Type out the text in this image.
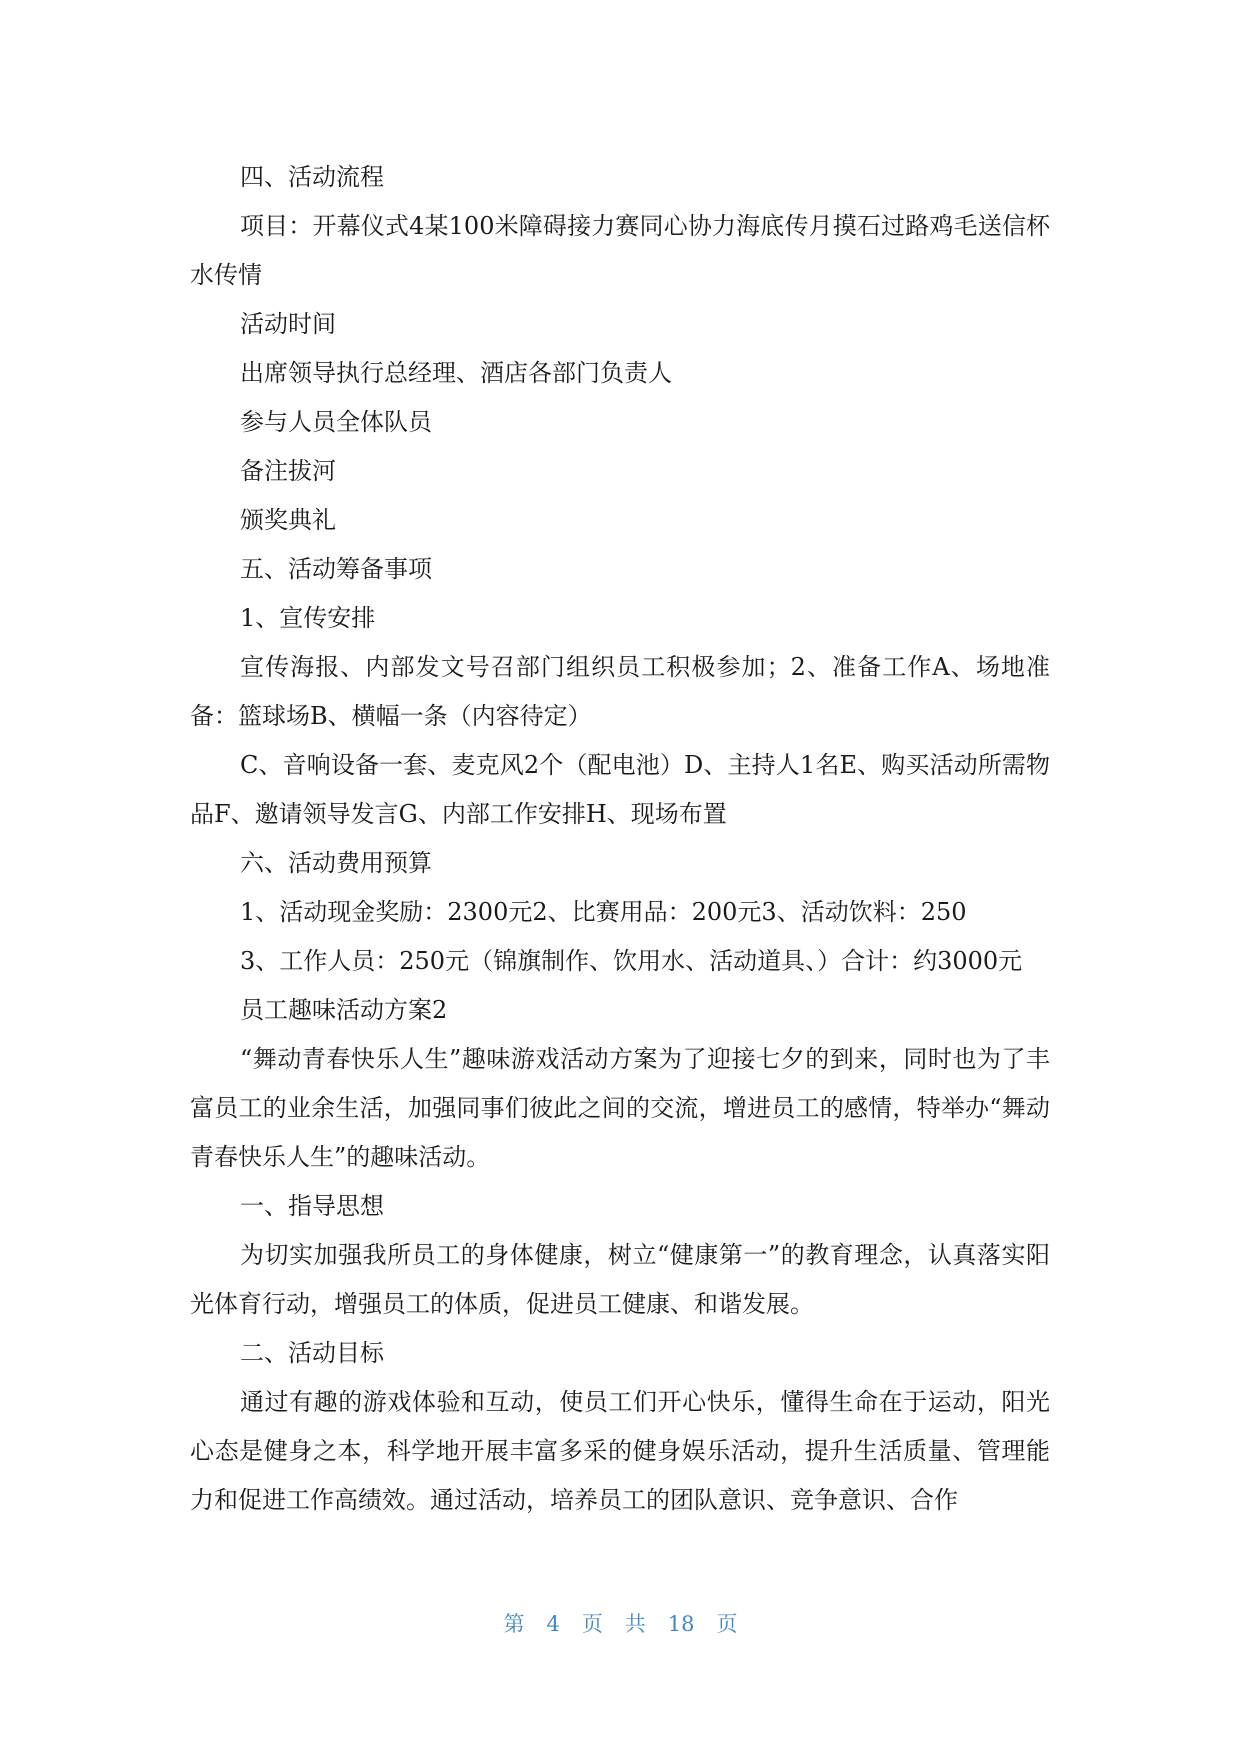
四、活动流程

项目：开幕仪式4某100米障碍接力赛同心协力海底传月摸石过路鸡毛送信杯水传情

活动时间

出席领导执行总经理、酒店各部门负责人

参与人员全体队员

备注拔河

颁奖典礼

五、活动筹备事项

1、宣传安排

宣传海报、内部发文号召部门组织员工积极参加；2、准备工作A、场地准备：篮球场B、横幅一条（内容待定）

C、音响设备一套、麦克风2个（配电池）D、主持人1名E、购买活动所需物品F、邀请领导发言G、内部工作安排H、现场布置

六、活动费用预算

1、活动现金奖励：2300元2、比赛用品：200元3、活动饮料：250

3、工作人员：250元（锦旗制作、饮用水、活动道具、）合计：约3000元

员工趣味活动方案2

“舞动青春快乐人生”趣味游戏活动方案为了迎接七夕的到来，同时也为了丰富员工的业余生活，加强同事们彼此之间的交流，增进员工的感情，特举办“舞动青春快乐人生”的趣味活动。

一、指导思想

为切实加强我所员工的身体健康，树立“健康第一”的教育理念，认真落实阳光体育行动，增强员工的体质，促进员工健康、和谐发展。

二、活动目标

通过有趣的游戏体验和互动，使员工们开心快乐，懂得生命在于运动，阳光心态是健身之本，科学地开展丰富多采的健身娱乐活动，提升生活质量、管理能力和促进工作高绩效。通过活动，培养员工的团队意识、竞争意识、合作

第 4 页共18 页
